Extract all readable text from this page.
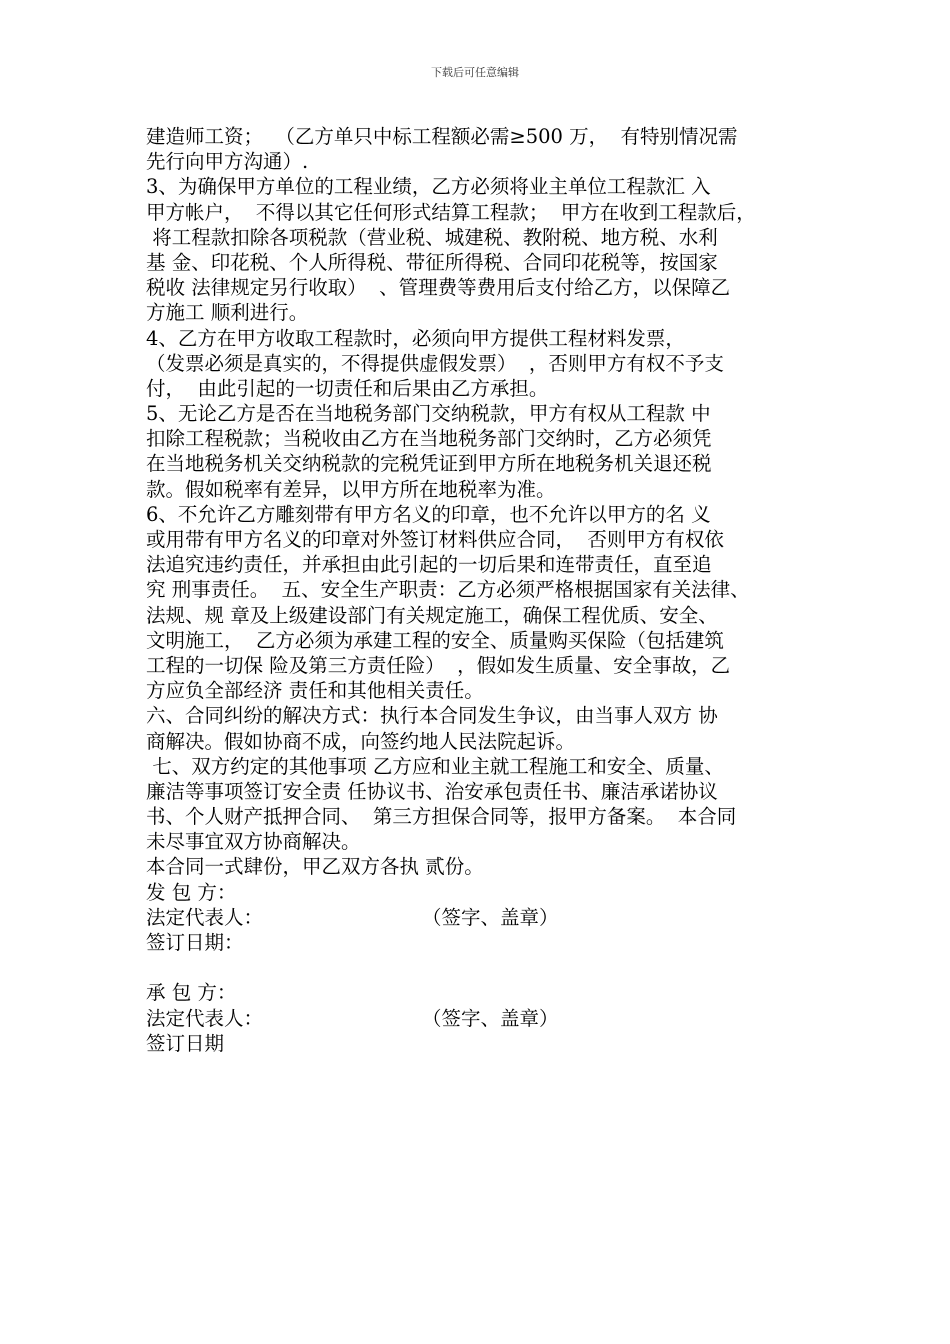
下载后可任意编辑
建造师工资；  （乙方单只中标工程额必需≥500 万，  有特别情况需
先行向甲方沟通）.
3、为确保甲方单位的工程业绩，乙方必须将业主单位工程款汇 入
甲方帐户，  不得以其它任何形式结算工程款；  甲方在收到工程款后，
将工程款扣除各项税款（营业税、城建税、教附税、地方税、水利
基 金、印花税、个人所得税、带征所得税、合同印花税等，按国家
税收 法律规定另行收取）  、管理费等费用后支付给乙方，以保障乙
方施工 顺利进行。
4、乙方在甲方收取工程款时，必须向甲方提供工程材料发票，
（发票必须是真实的，不得提供虚假发票）  ，否则甲方有权不予支
付，  由此引起的一切责任和后果由乙方承担。
5、无论乙方是否在当地税务部门交纳税款，甲方有权从工程款 中
扣除工程税款；当税收由乙方在当地税务部门交纳时，乙方必须凭
在当地税务机关交纳税款的完税凭证到甲方所在地税务机关退还税
款。假如税率有差异，以甲方所在地税率为准。
6、不允许乙方雕刻带有甲方名义的印章，也不允许以甲方的名 义
或用带有甲方名义的印章对外签订材料供应合同，  否则甲方有权依
法追究违约责任，并承担由此引起的一切后果和连带责任，直至追
究 刑事责任。  五、安全生产职责：乙方必须严格根据国家有关法律、
法规、规 章及上级建设部门有关规定施工，确保工程优质、安全、
文明施工，  乙方必须为承建工程的安全、质量购买保险（包括建筑
工程的一切保 险及第三方责任险）  ，假如发生质量、安全事故，乙
方应负全部经济 责任和其他相关责任。
六、合同纠纷的解决方式：执行本合同发生争议，由当事人双方 协
商解决。假如协商不成，向签约地人民法院起诉。
七、双方约定的其他事项 乙方应和业主就工程施工和安全、质量、
廉洁等事项签订安全责 任协议书、治安承包责任书、廉洁承诺协议
书、个人财产抵押合同、  第三方担保合同等，报甲方备案。  本合同
未尽事宜双方协商解决。
本合同一式肆份，甲乙双方各执 贰份。
发 包 方：
法定代表人：	（签字、盖章）
签订日期：
承 包 方：
法定代表人：	（签字、盖章）
签订日期
